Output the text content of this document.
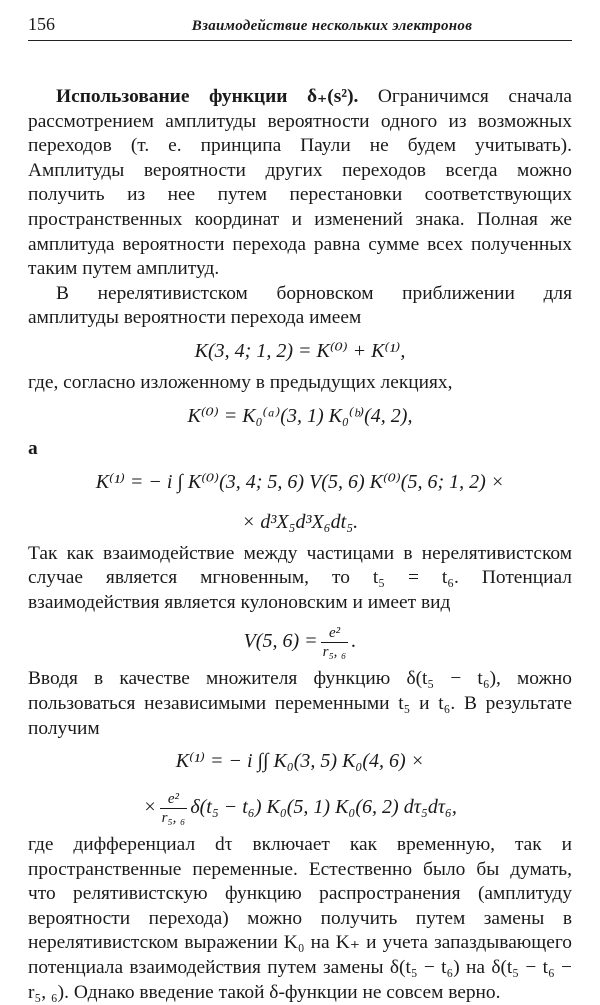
156	Взаимодействие нескольких электронов

Использование функции δ₊(s²). Ограничимся сначала рассмотрением амплитуды вероятности одного из возможных переходов (т. е. принципа Паули не будем учитывать). Амплитуды вероятности других переходов всегда можно получить из нее путем перестановки соответствующих пространственных координат и изменений знака. Полная же амплитуда вероятности перехода равна сумме всех полученных таким путем амплитуд.

В нерелятивистском борновском приближении для амплитуды вероятности перехода имеем

K(3, 4; 1, 2) = K⁽⁰⁾ + K⁽¹⁾,

где, согласно изложенному в предыдущих лекциях,

K⁽⁰⁾ = K₀⁽ᵃ⁾(3, 1) K₀⁽ᵇ⁾(4, 2),

а

K⁽¹⁾ = − i ∫ K⁽⁰⁾(3, 4; 5, 6) V(5, 6) K⁽⁰⁾(5, 6; 1, 2) ×
× d³X₅d³X₆dt₅.

Так как взаимодействие между частицами в нерелятивистском случае является мгновенным, то t₅ = t₆. Потенциал взаимодействия является кулоновским и имеет вид

V(5, $6) = \frac{\text{e²}}{\text{r₅, ₆}}$ .

Вводя в качестве множителя функцию δ(t₅ − t₆), можно пользоваться независимыми переменными t₅ и t₆. В результате получим

K⁽¹⁾ = − i ∫∫ K₀(3, 5) K₀(4, 6) ×
× $\frac{\text{e²}}{\text{r₅, ₆}} \delta(t_5 - t_6)$ K₀(5, 1) K₀(6, 2) dτ₅dτ₆,

где дифференциал dτ включает как временную, так и пространственные переменные. Естественно было бы думать, что релятивистскую функцию распространения (амплитуду вероятности перехода) можно получить путем замены в нерелятивистском выражении K₀ на K₊ и учета запаздывающего потенциала взаимодействия путем замены δ(t₅ − t₆) на δ(t₅ − t₆ − r₅, ₆). Однако введение такой δ-функции не совсем верно.
